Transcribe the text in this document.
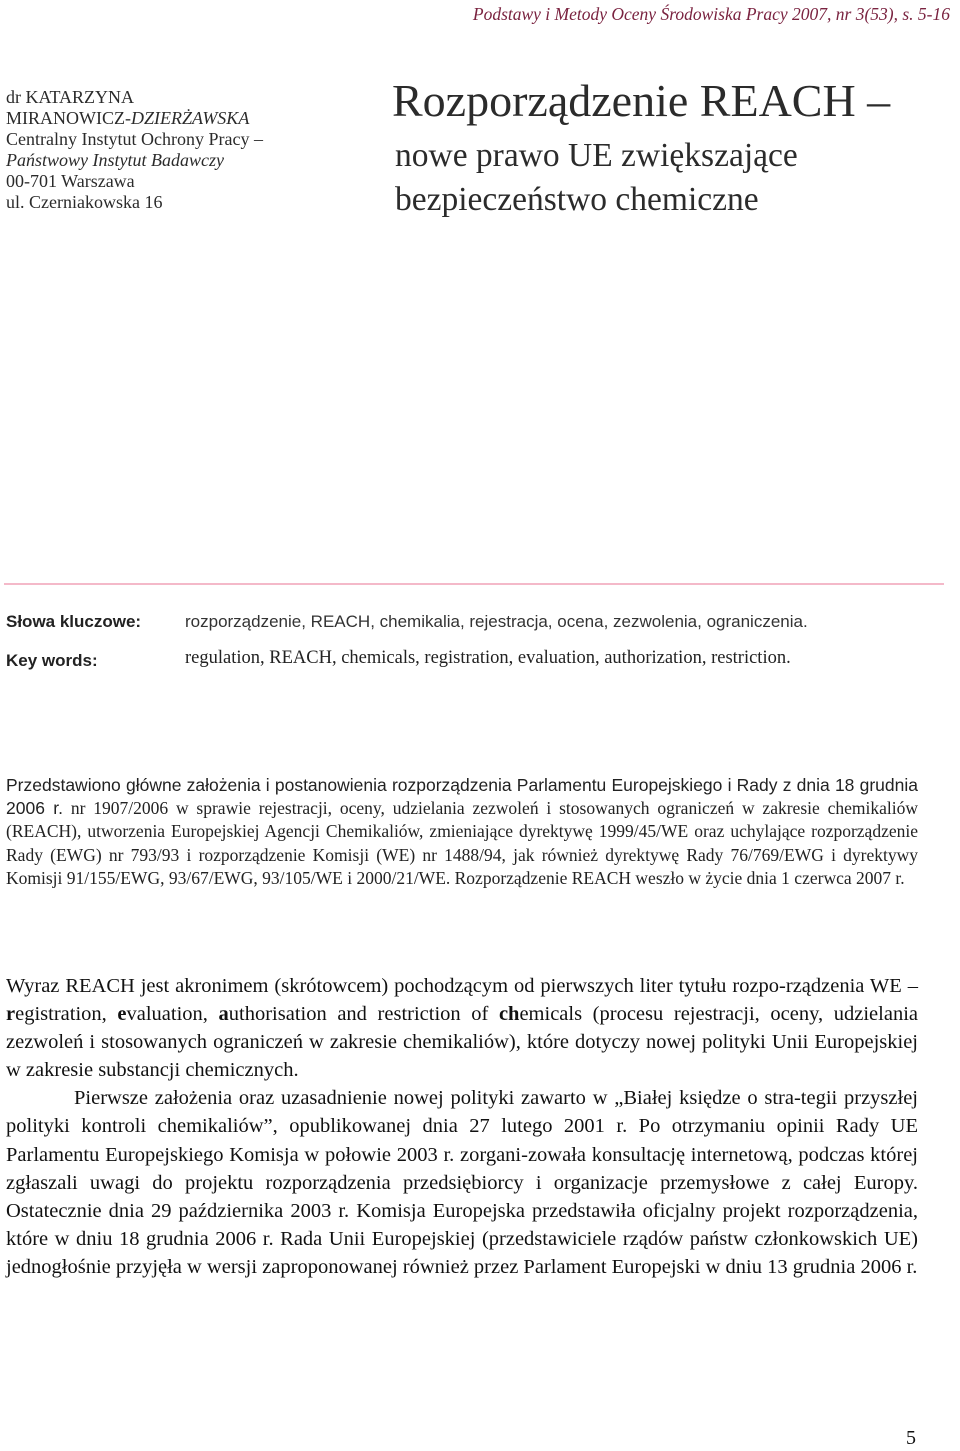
Podstawy i Metody Oceny Środowiska Pracy 2007, nr 3(53), s. 5-16
dr KATARZYNA
MIRANOWICZ-DZIERŻAWSKA
Centralny Instytut Ochrony Pracy –
Państwowy Instytut Badawczy
00-701 Warszawa
ul. Czerniakowska 16
Rozporządzenie REACH –
nowe prawo UE zwiększające bezpieczeństwo chemiczne
Słowa kluczowe:	rozporządzenie, REACH, chemikalia, rejestracja, ocena, zezwolenia, ograniczenia.
Key words:	regulation, REACH, chemicals, registration, evaluation, authorization, restriction.

Przedstawiono główne założenia i postanowienia rozporządzenia Parlamentu Europejskiego i Rady z dnia 18 grudnia 2006 r. nr 1907/2006 w sprawie rejestracji, oceny, udzielania zezwoleń i stosowanych ograniczeń w zakresie chemikaliów (REACH), utworzenia Europejskiej Agencji Chemikaliów, zmieniające dyrektywę 1999/45/WE oraz uchylające rozporządzenie Rady (EWG) nr 793/93 i rozporządzenie Komisji (WE) nr 1488/94, jak również dyrektywę Rady 76/769/EWG i dyrektywy Komisji 91/155/EWG, 93/67/EWG, 93/105/WE i 2000/21/WE. Rozporządzenie REACH weszło w życie dnia 1 czerwca 2007 r.

Wyraz REACH jest akronimem (skrótowcem) pochodzącym od pierwszych liter tytułu rozpo-rządzenia WE – registration, evaluation, authorisation and restriction of chemicals (procesu rejestracji, oceny, udzielania zezwoleń i stosowanych ograniczeń w zakresie chemikaliów), które dotyczy nowej polityki Unii Europejskiej w zakresie substancji chemicznych.

Pierwsze założenia oraz uzasadnienie nowej polityki zawarto w „Białej księdze o stra-tegii przyszłej polityki kontroli chemikaliów”, opublikowanej dnia 27 lutego 2001 r. Po otrzymaniu opinii Rady UE Parlamentu Europejskiego Komisja w połowie 2003 r. zorgani-zowała konsultację internetową, podczas której zgłaszali uwagi do projektu rozporządzenia przedsiębiorcy i organizacje przemysłowe z całej Europy. Ostatecznie dnia 29 października 2003 r. Komisja Europejska przedstawiła oficjalny projekt rozporządzenia, które w dniu 18 grudnia 2006 r. Rada Unii Europejskiej (przedstawiciele rządów państw członkowskich UE) jednogłośnie przyjęła w wersji zaproponowanej również przez Parlament Europejski w dniu 13 grudnia 2006 r.

5
